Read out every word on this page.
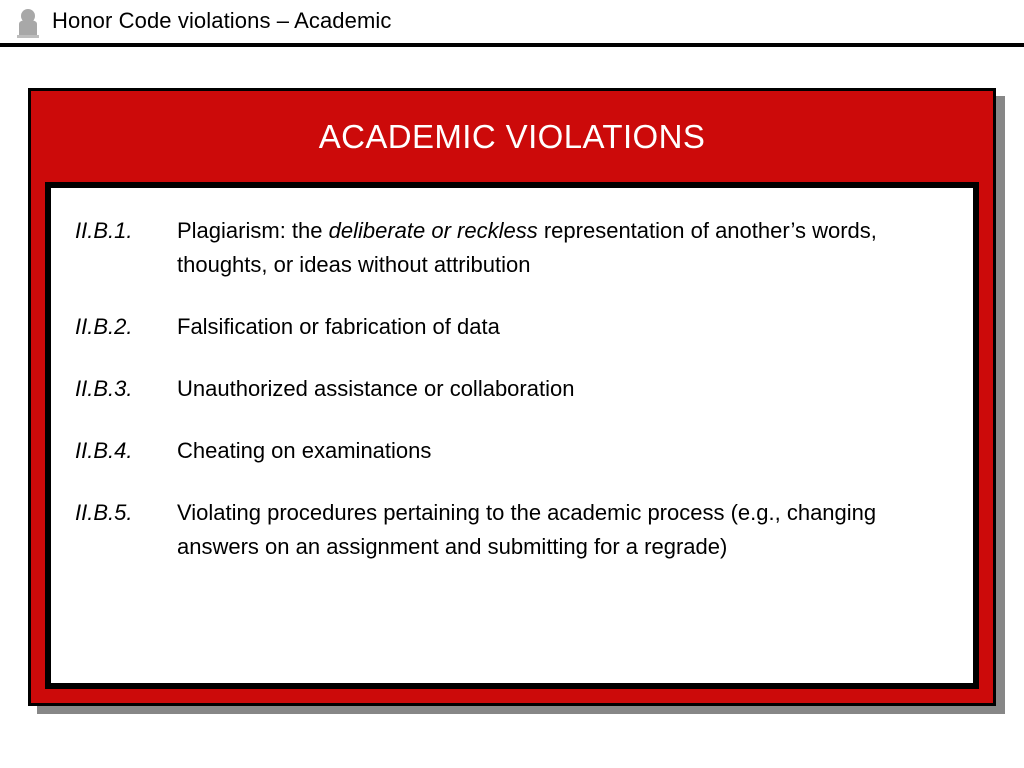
Honor Code violations – Academic
ACADEMIC VIOLATIONS
II.B.1.	Plagiarism: the deliberate or reckless representation of another’s words, thoughts, or ideas without attribution
II.B.2.	Falsification or fabrication of data
II.B.3.	Unauthorized assistance or collaboration
II.B.4.	Cheating on examinations
II.B.5.	Violating procedures pertaining to the academic process (e.g., changing answers on an assignment and submitting for a regrade)
